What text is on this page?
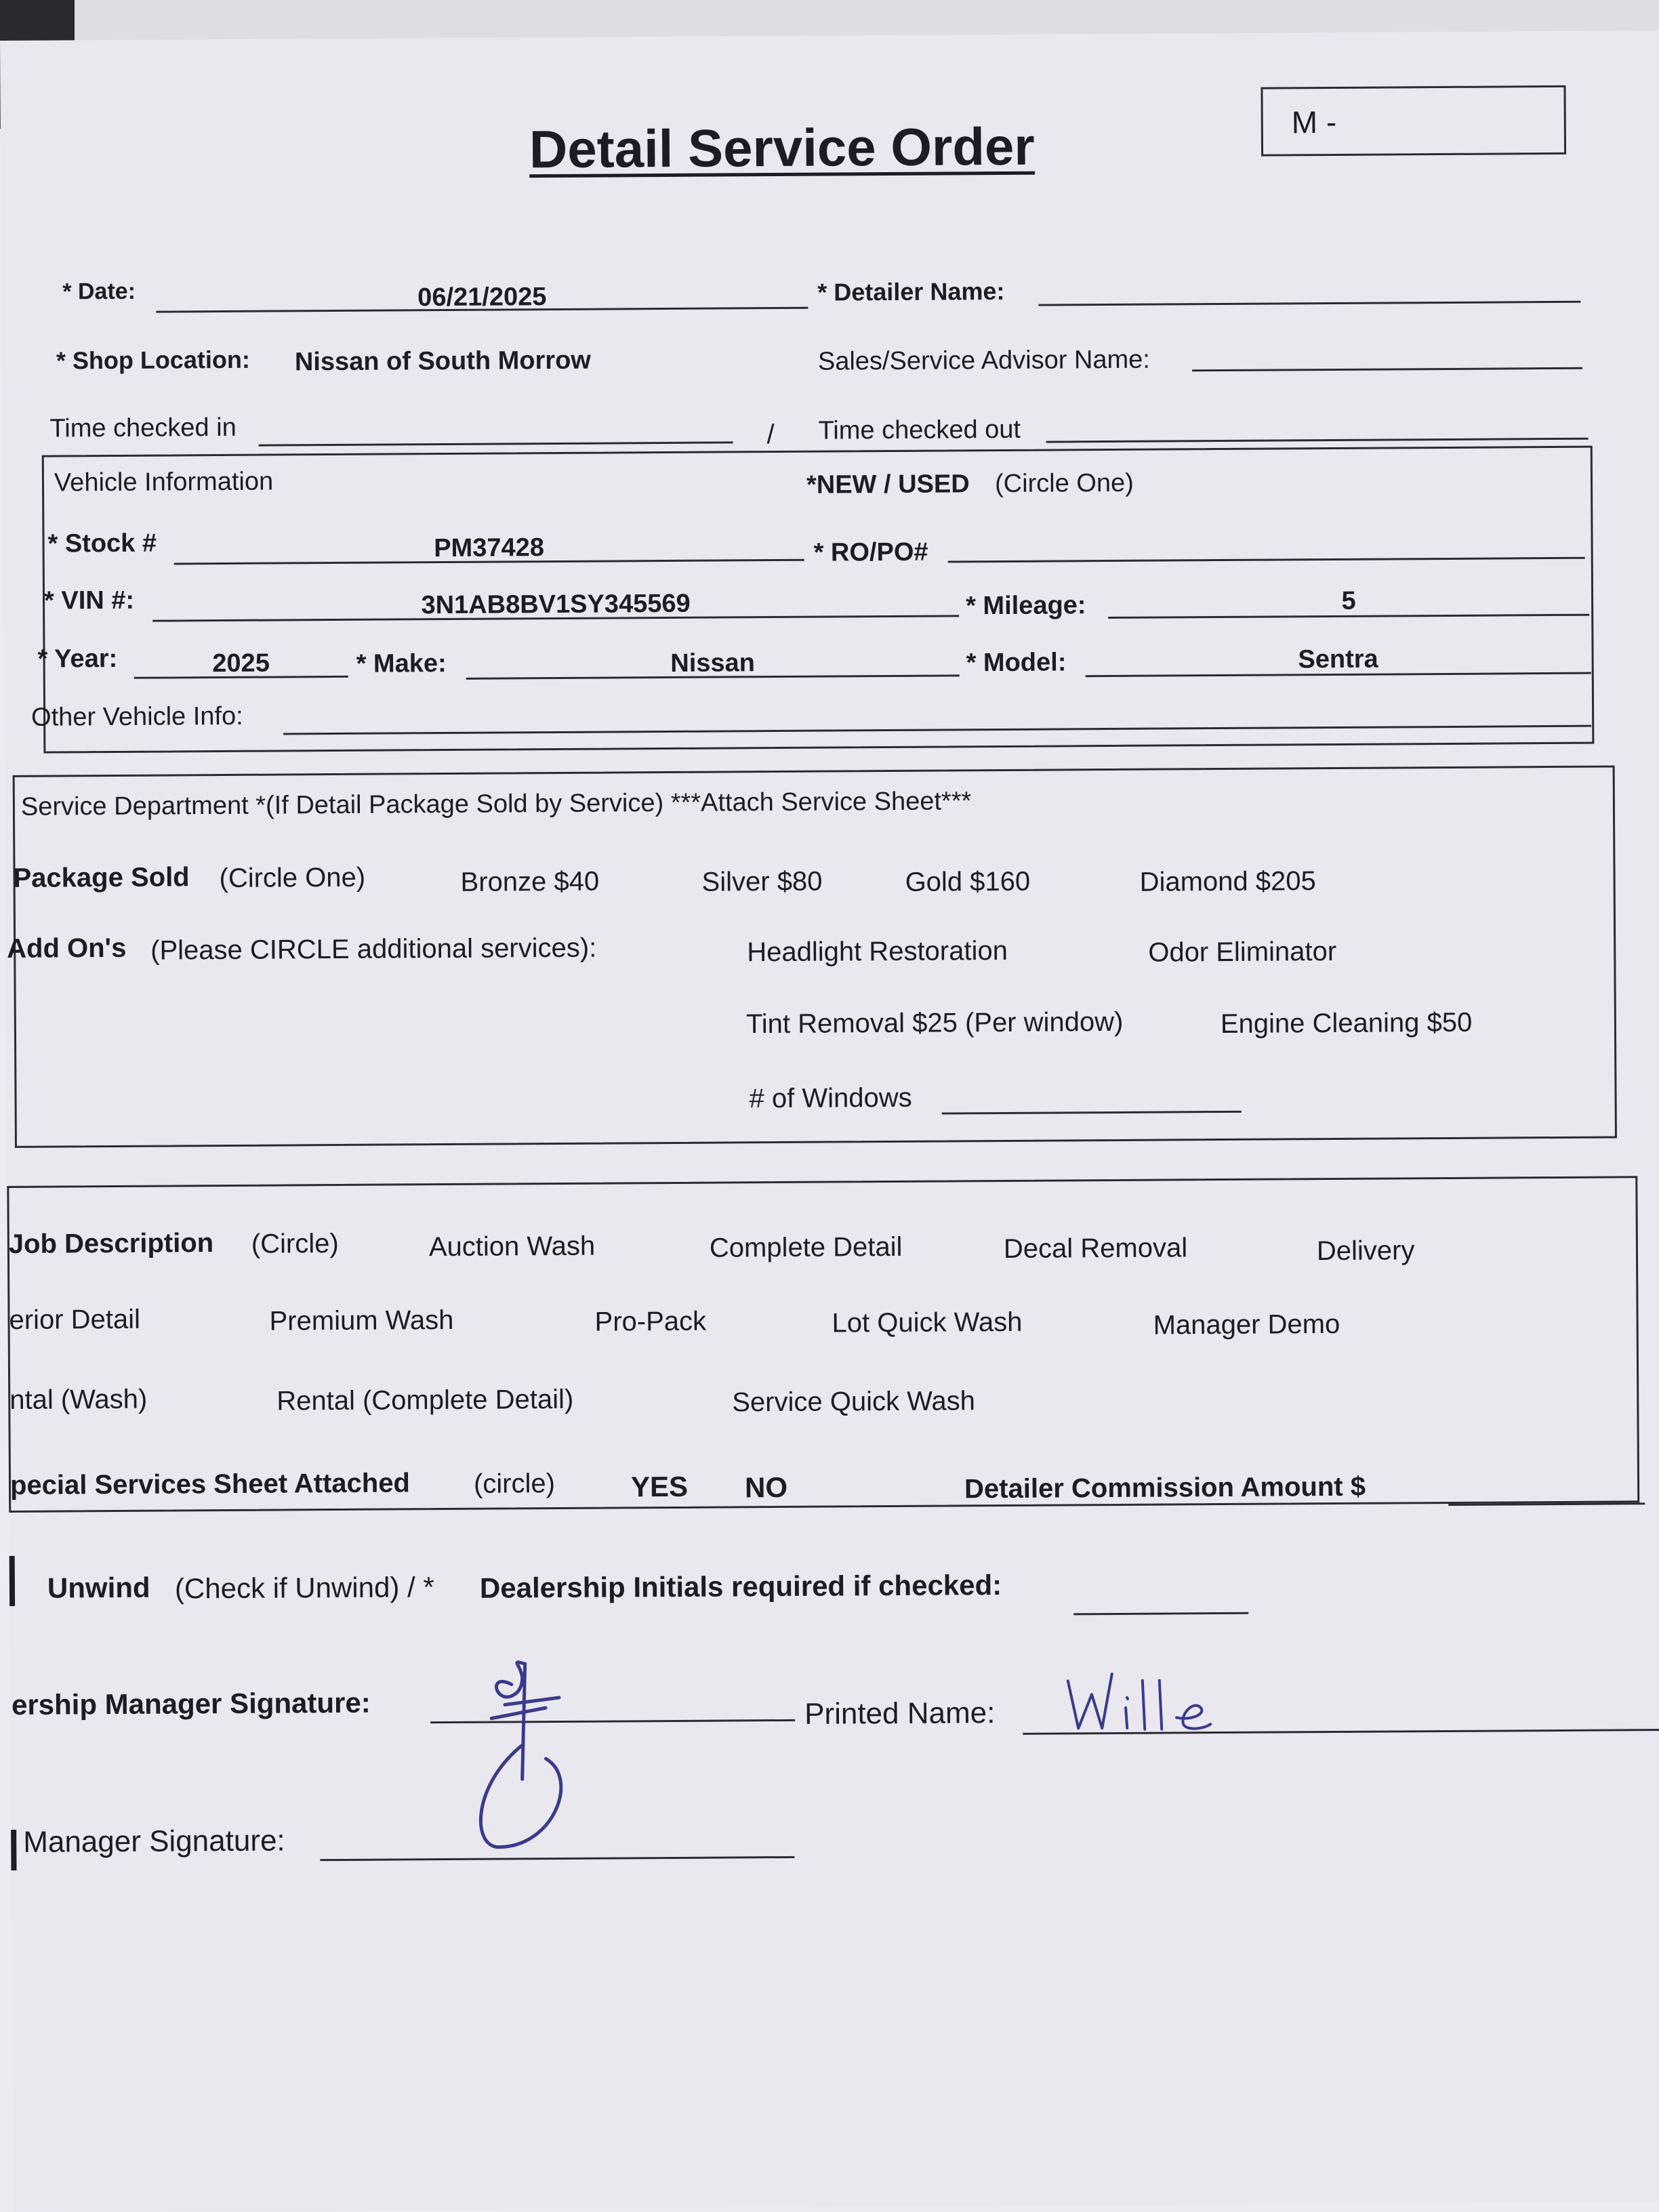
Detail Service Order	M -
* Date:	06/21/2025	* Detailer Name:
* Shop Location: Nissan of South Morrow	Sales/Service Advisor Name:
Time checked in	/ Time checked out
Vehicle Information	*NEW / USED (Circle One)
* Stock #	PM37428	* RO/PO#
* VIN #:	3N1AB8BV1SY345569	* Mileage:	5
* Year:	2025	* Make:	Nissan	* Model:	Sentra
Other Vehicle Info:
Service Department *(If Detail Package Sold by Service) ***Attach Service Sheet***
Package Sold (Circle One)	Bronze $40	Silver $80	Gold $160	Diamond $205
Add On's (Please CIRCLE additional services):	Headlight Restoration	Odor Eliminator
Tint Removal $25 (Per window)	Engine Cleaning $50
# of Windows
Job Description (Circle)	Auction Wash	Complete Detail	Decal Removal	Delivery
erior Detail	Premium Wash	Pro-Pack	Lot Quick Wash	Manager Demo
ntal (Wash)	Rental (Complete Detail)	Service Quick Wash
pecial Services Sheet Attached (circle)	YES NO	Detailer Commission Amount $
Unwind (Check if Unwind) / * Dealership Initials required if checked:
ership Manager Signature:	Printed Name:
Manager Signature:
